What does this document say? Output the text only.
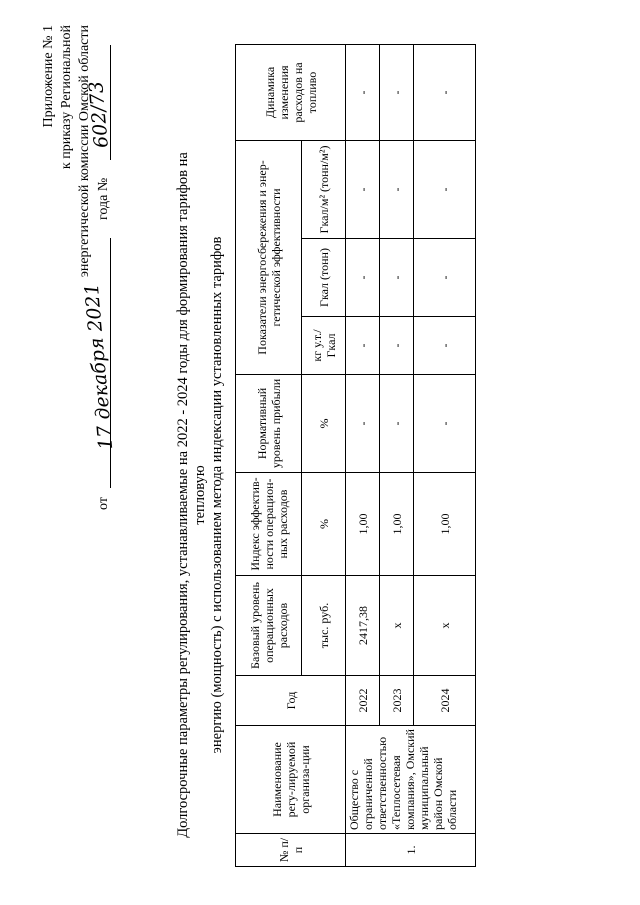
Приложение № 1 к приказу Региональной энергетической комиссии Омской области
от
17 декабря 2021
года №
602/73
Долгосрочные параметры регулирования, устанавливаемые на 2022 - 2024 годы для формирования тарифов на тепловую энергию (мощность) с использованием метода индексации установленных тарифов
№ п/п	Наименование регу-лируемой организа-ции	Год	Базовый уровень операционных расходов	Индекс эффектив-ности операцион-ных расходов	Нормативный уровень прибыли	Показатели энергосбережения и энер-гетической эффективности			Динамика изменения расходов на топливо
			тыс. руб.	%	%	кг у.т./Гкал	Гкал (тонн)	Гкал/м² (тонн/м²)	
1.	Общество с ограниченной ответственностью «Теплосетевая компания», Омский муниципальный район Омской области	2022	2417,38	1,00	-	-	-	-	-
		2023	х	1,00	-	-	-	-	-
		2024	х	1,00	-	-	-	-	-
